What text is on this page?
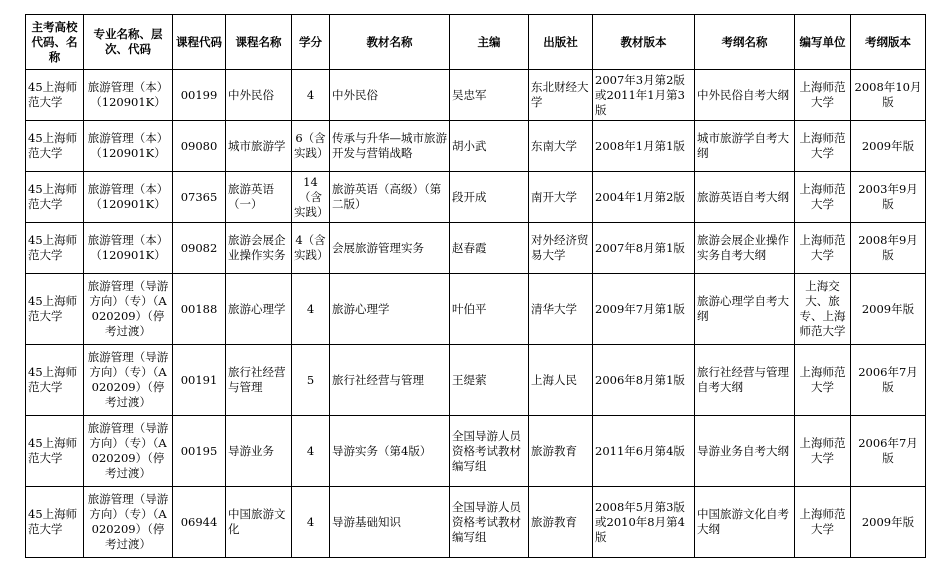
主考高校代码、名称	专业名称、层次、代码	课程代码	课程名称	学分	教材名称	主编	出版社	教材版本	考纲名称	编写单位	考纲版本
45上海师范大学	旅游管理（本）（120901K）	00199	中外民俗	4	中外民俗	吴忠军	东北财经大学	2007年3月第2版或2011年1月第3版	中外民俗自考大纲	上海师范大学	2008年10月版
45上海师范大学	旅游管理（本）（120901K）	09080	城市旅游学	6（含实践）	传承与升华—城市旅游开发与营销战略	胡小武	东南大学	2008年1月第1版	城市旅游学自考大纲	上海师范大学	2009年版
45上海师范大学	旅游管理（本）（120901K）	07365	旅游英语（一）	14（含实践）	旅游英语（高级）（第二版）	段开成	南开大学	2004年1月第2版	旅游英语自考大纲	上海师范大学	2003年9月版
45上海师范大学	旅游管理（本）（120901K）	09082	旅游会展企业操作实务	4（含实践）	会展旅游管理实务	赵春霞	对外经济贸易大学	2007年8月第1版	旅游会展企业操作实务自考大纲	上海师范大学	2008年9月版
45上海师范大学	旅游管理（导游方向）（专）（A020209）（停考过渡）	00188	旅游心理学	4	旅游心理学	叶伯平	清华大学	2009年7月第1版	旅游心理学自考大纲	上海交大、旅专、上海师范大学	2009年版
45上海师范大学	旅游管理（导游方向）（专）（A020209）（停考过渡）	00191	旅行社经营与管理	5	旅行社经营与管理	王缇萦	上海人民	2006年8月第1版	旅行社经营与管理自考大纲	上海师范大学	2006年7月版
45上海师范大学	旅游管理（导游方向）（专）（A020209）（停考过渡）	00195	导游业务	4	导游实务（第4版）	全国导游人员资格考试教材编写组	旅游教育	2011年6月第4版	导游业务自考大纲	上海师范大学	2006年7月版
45上海师范大学	旅游管理（导游方向）（专）（A020209）（停考过渡）	06944	中国旅游文化	4	导游基础知识	全国导游人员资格考试教材编写组	旅游教育	2008年5月第3版或2010年8月第4版	中国旅游文化自考大纲	上海师范大学	2009年版
